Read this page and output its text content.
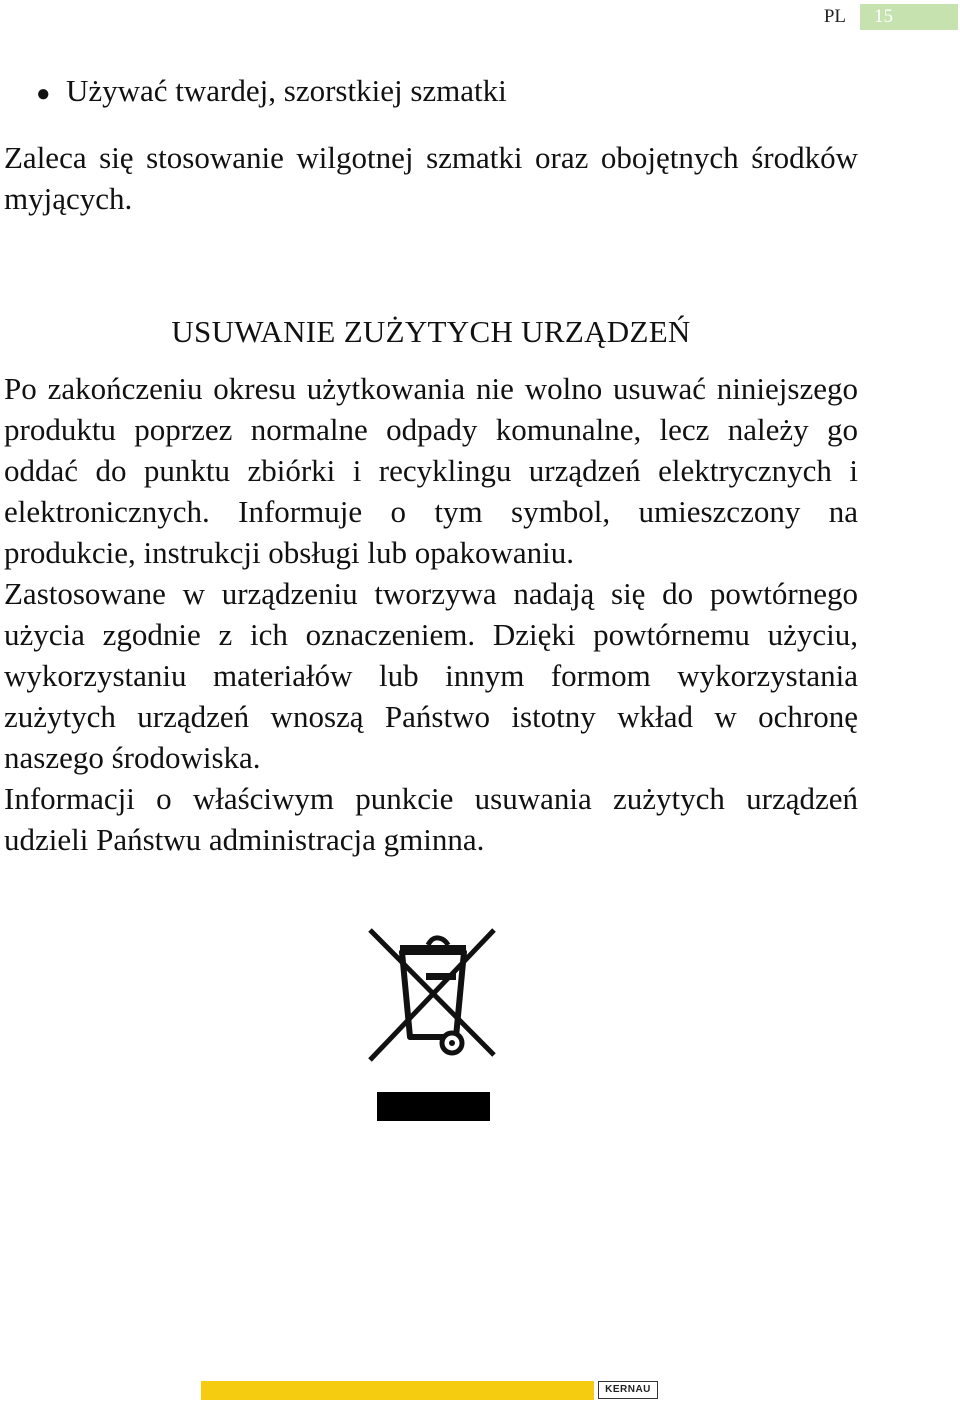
PL	15
● Używać twardej, szorstkiej szmatki

Zaleca się stosowanie wilgotnej szmatki oraz obojętnych środków myjących.

USUWANIE ZUŻYTYCH URZĄDZEŃ

Po zakończeniu okresu użytkowania nie wolno usuwać niniejszego produktu poprzez normalne odpady komunalne, lecz należy go oddać do punktu zbiórki i recyklingu urządzeń elektrycznych i elektronicznych. Informuje o tym symbol, umieszczony na produkcie, instrukcji obsługi lub opakowaniu.

Zastosowane w urządzeniu tworzywa nadają się do powtórnego użycia zgodnie z ich oznaczeniem. Dzięki powtórnemu użyciu, wykorzystaniu materiałów lub innym formom wykorzystania zużytych urządzeń wnoszą Państwo istotny wkład w ochronę naszego środowiska.

Informacji o właściwym punkcie usuwania zużytych urządzeń udzieli Państwu administracja gminna.

KERNAU
